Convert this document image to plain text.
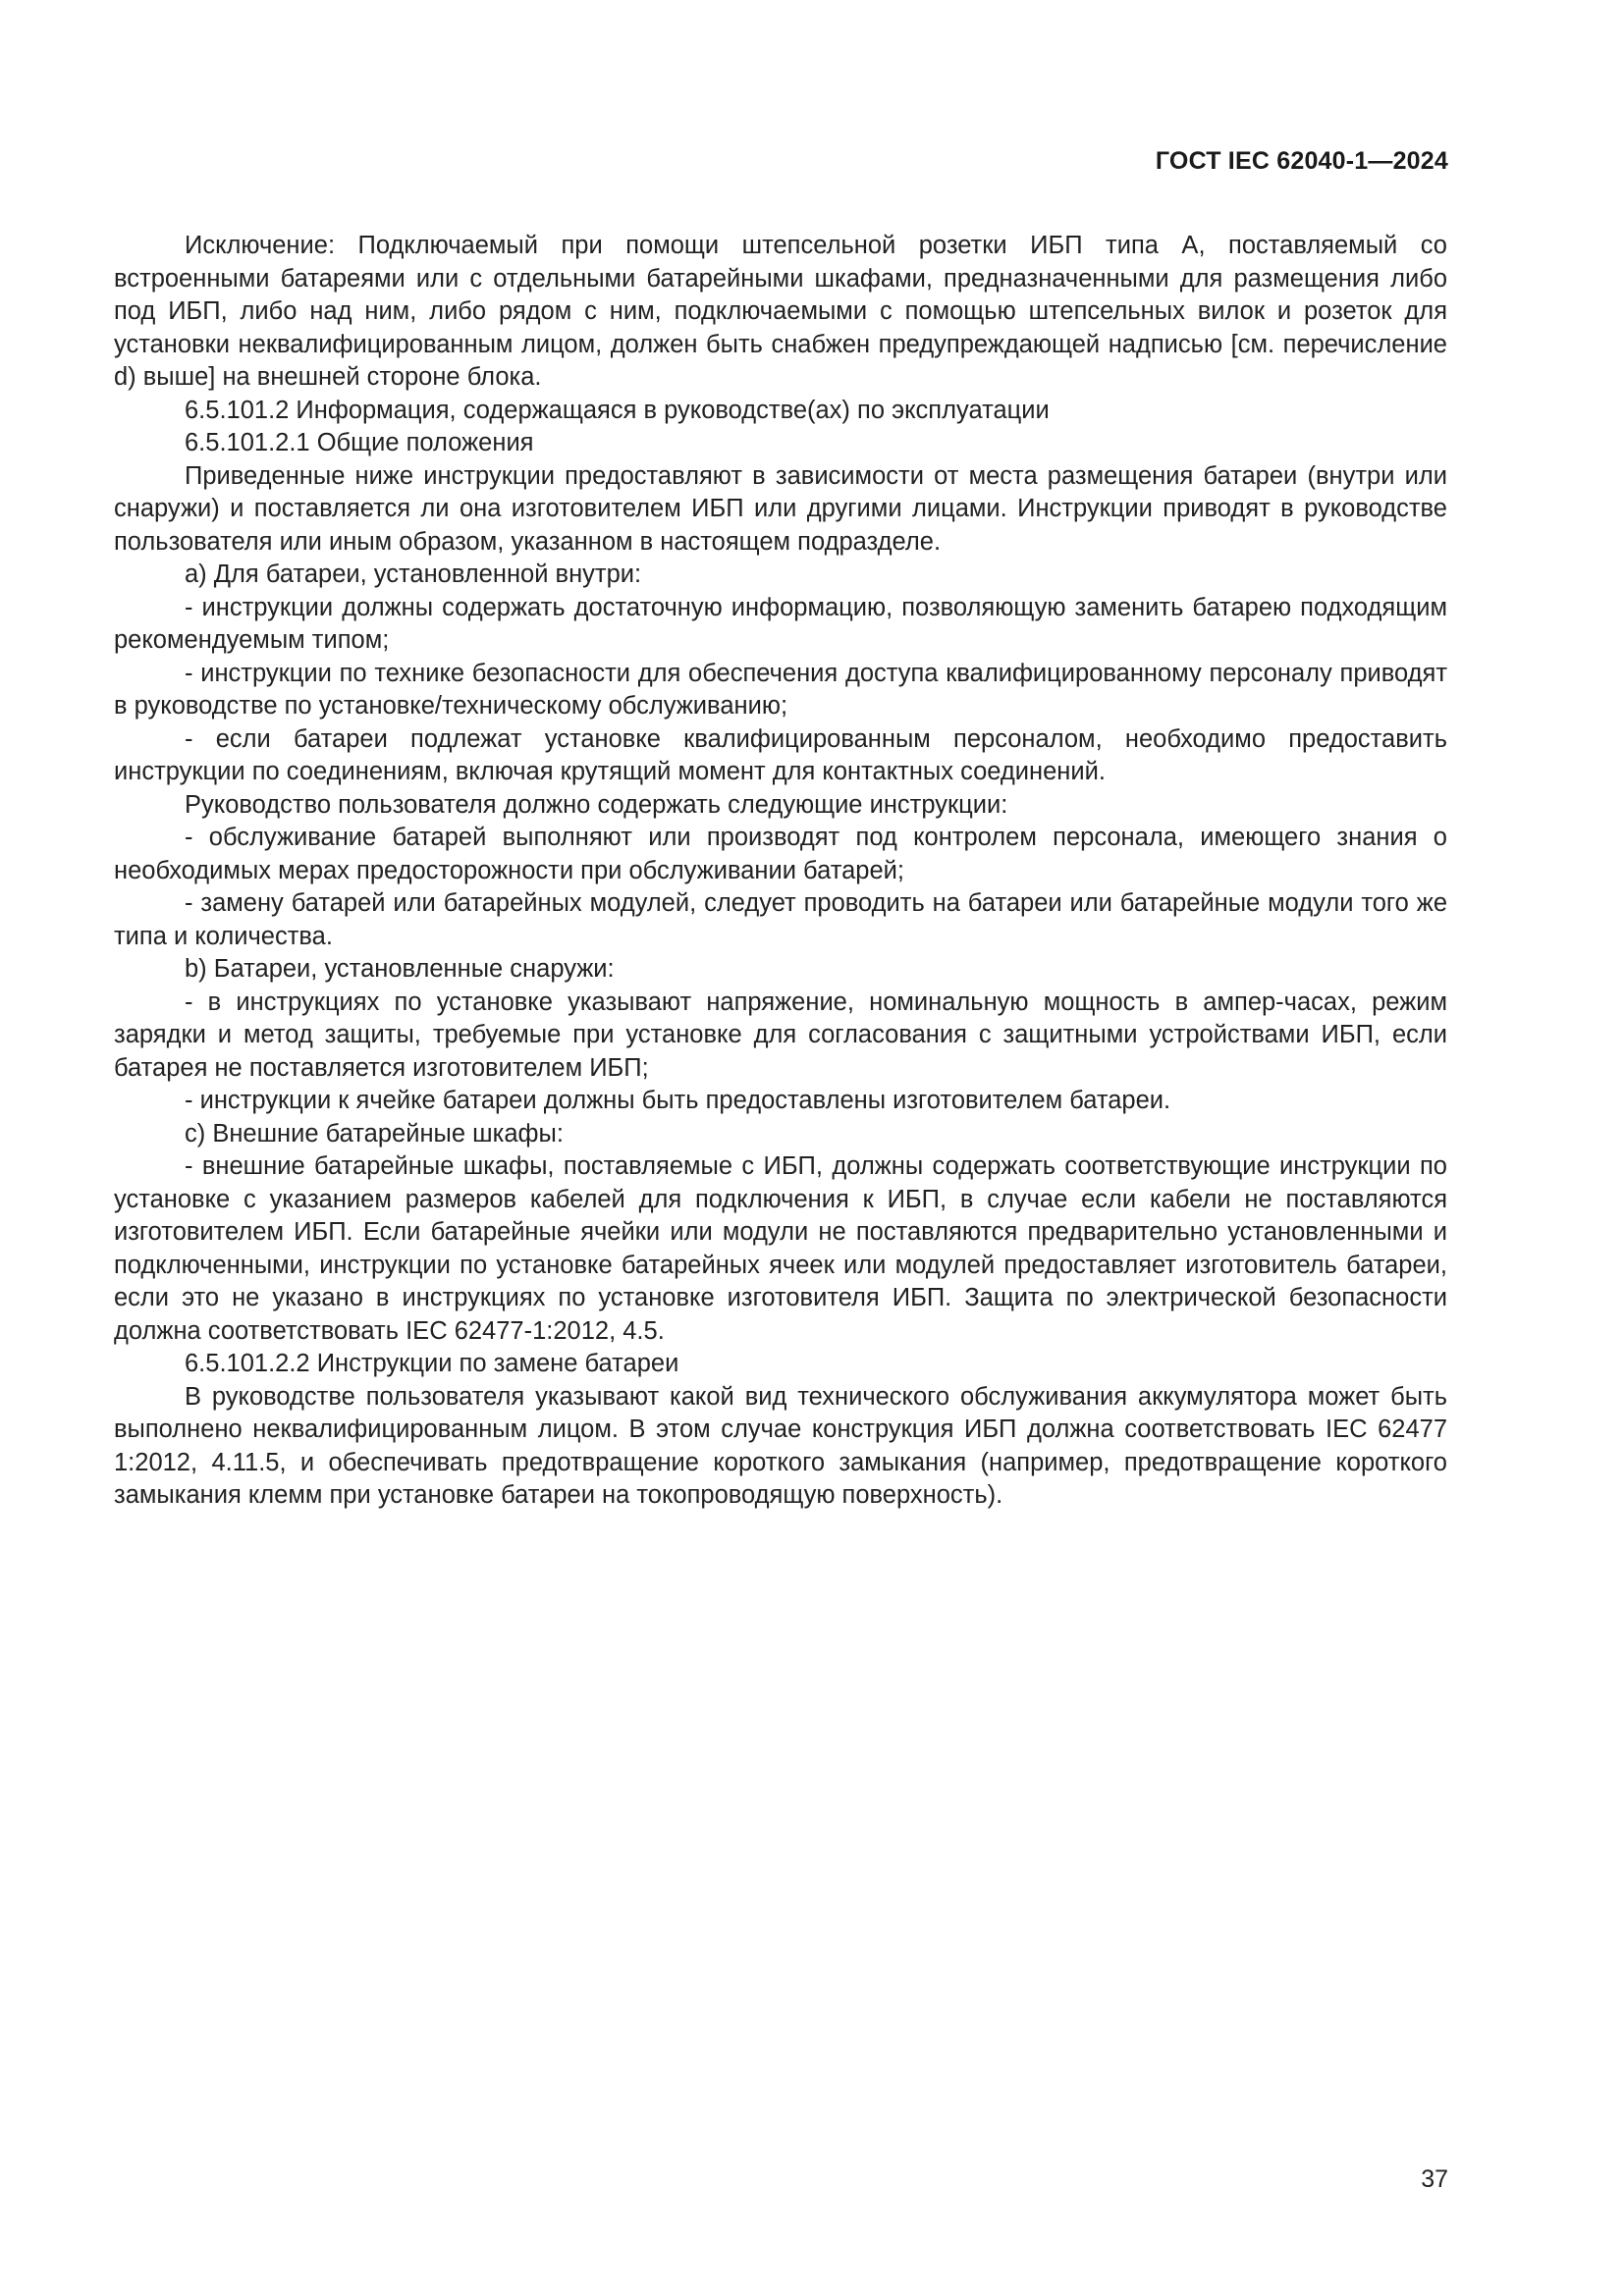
ГОСТ IEC 62040-1—2024

Исключение: Подключаемый при помощи штепсельной розетки ИБП типа А, поставляемый со встроенными батареями или с отдельными батарейными шкафами, предназначенными для размещения либо под ИБП, либо над ним, либо рядом с ним, подключаемыми с помощью штепсельных вилок и розеток для установки неквалифицированным лицом, должен быть снабжен предупреждающей надписью [см. перечисление d) выше] на внешней стороне блока.

6.5.101.2 Информация, содержащаяся в руководстве(ах) по эксплуатации

6.5.101.2.1 Общие положения

Приведенные ниже инструкции предоставляют в зависимости от места размещения батареи (внутри или снаружи) и поставляется ли она изготовителем ИБП или другими лицами. Инструкции приводят в руководстве пользователя или иным образом, указанном в настоящем подразделе.

а) Для батареи, установленной внутри:

- инструкции должны содержать достаточную информацию, позволяющую заменить батарею подходящим рекомендуемым типом;

- инструкции по технике безопасности для обеспечения доступа квалифицированному персоналу приводят в руководстве по установке/техническому обслуживанию;

- если батареи подлежат установке квалифицированным персоналом, необходимо предоставить инструкции по соединениям, включая крутящий момент для контактных соединений.

Руководство пользователя должно содержать следующие инструкции:

- обслуживание батарей выполняют или производят под контролем персонала, имеющего знания о необходимых мерах предосторожности при обслуживании батарей;

- замену батарей или батарейных модулей, следует проводить на батареи или батарейные модули того же типа и количества.

b) Батареи, установленные снаружи:

- в инструкциях по установке указывают напряжение, номинальную мощность в ампер-часах, режим зарядки и метод защиты, требуемые при установке для согласования с защитными устройствами ИБП, если батарея не поставляется изготовителем ИБП;

- инструкции к ячейке батареи должны быть предоставлены изготовителем батареи.

с) Внешние батарейные шкафы:

- внешние батарейные шкафы, поставляемые с ИБП, должны содержать соответствующие инструкции по установке с указанием размеров кабелей для подключения к ИБП, в случае если кабели не поставляются изготовителем ИБП. Если батарейные ячейки или модули не поставляются предварительно установленными и подключенными, инструкции по установке батарейных ячеек или модулей предоставляет изготовитель батареи, если это не указано в инструкциях по установке изготовителя ИБП. Защита по электрической безопасности должна соответствовать IEC 62477-1:2012, 4.5.

6.5.101.2.2 Инструкции по замене батареи

В руководстве пользователя указывают какой вид технического обслуживания аккумулятора может быть выполнено неквалифицированным лицом. В этом случае конструкция ИБП должна соответствовать IEC 62477 1:2012, 4.11.5, и обеспечивать предотвращение короткого замыкания (например, предотвращение короткого замыкания клемм при установке батареи на токопроводящую поверхность).

37
